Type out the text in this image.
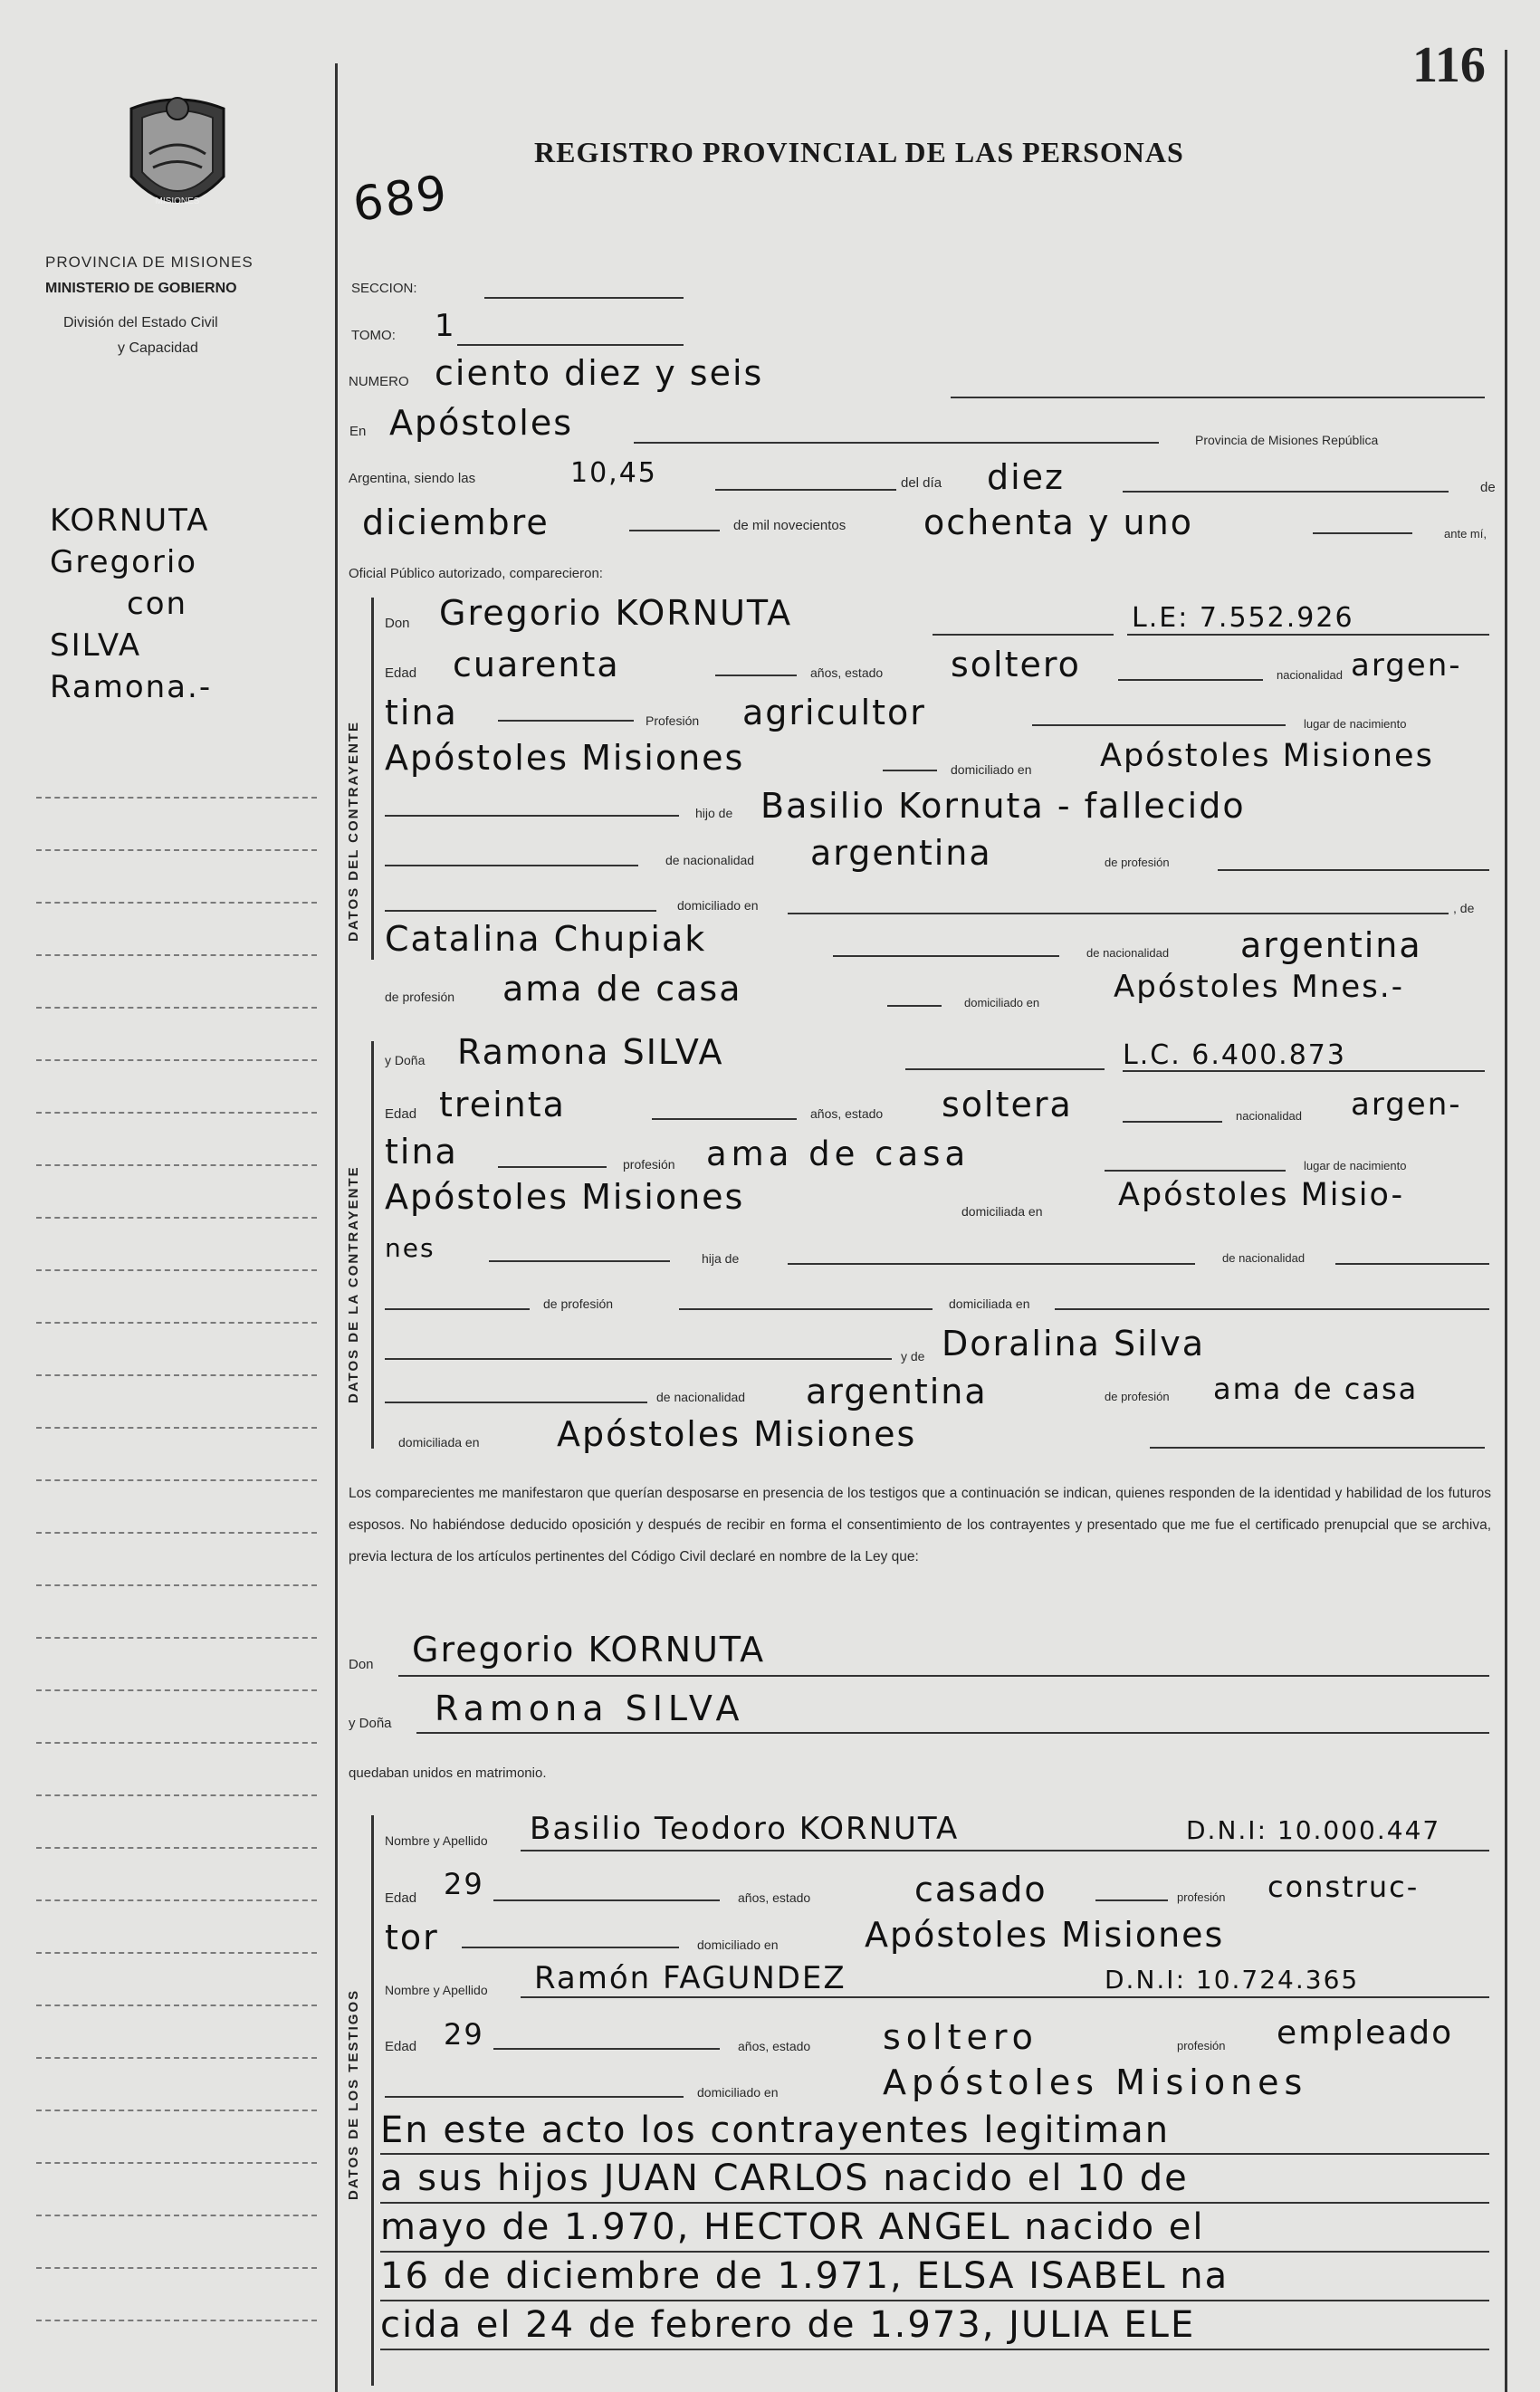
116
MISIONES
PROVINCIA DE MISIONES
MINISTERIO DE GOBIERNO
División del Estado Civil
y Capacidad
REGISTRO PROVINCIAL DE LAS PERSONAS
689
KORNUTA
Gregorio
con
SILVA
Ramona.-
SECCION:
TOMO: 1
NUMERO ciento diez y seis
En Apóstoles	Provincia de Misiones República
Argentina, siendo las	10,45	del día diez	de
diciembre	de mil novecientos ochenta y uno	ante mí,
Oficial Público autorizado, comparecieron:
DATOS DEL CONTRAYENTE
Don Gregorio KORNUTA	L.E: 7.552.926
Edad cuarenta	años, estado soltero	nacionalidad argen-
tina	Profesión agricultor	lugar de nacimiento
Apóstoles Misiones	domiciliado en Apóstoles Misiones
hijo de Basilio Kornuta - fallecido
de nacionalidad argentina	de profesión
domiciliado en	, de
Catalina Chupiak	de nacionalidad argentina
de profesión ama de casa	domiciliado en Apóstoles Mnes.-
DATOS DE LA CONTRAYENTE
y Doña Ramona SILVA	L.C. 6.400.873
Edad treinta	años, estado soltera	nacionalidad argen-
tina	profesión ama de casa	lugar de nacimiento
Apóstoles Misiones	domiciliada en Apóstoles Misio-
nes	hija de	de nacionalidad
de profesión	domiciliada en
y de Doralina Silva
de nacionalidad argentina	de profesión ama de casa
domiciliada en Apóstoles Misiones
Los comparecientes me manifestaron que querían desposarse en presencia de los testigos que a continuación se indican, quienes responden de la identidad y habilidad de los futuros esposos. No habiéndose deducido oposición y después de recibir en forma el consentimiento de los contrayentes y presentado que me fue el certificado prenupcial que se archiva, previa lectura de los artículos pertinentes del Código Civil declaré en nombre de la Ley que:
Don Gregorio KORNUTA
y Doña Ramona SILVA
quedaban unidos en matrimonio.
DATOS DE LOS TESTIGOS
Nombre y Apellido Basilio Teodoro KORNUTA	D.N.I: 10.000.447
Edad 29	años, estado	casado	profesión construc-
tor	domiciliado en	Apóstoles Misiones
Nombre y Apellido Ramón FAGUNDEZ	D.N.I: 10.724.365
Edad 29	años, estado soltero	profesión empleado
domiciliado en	Apóstoles Misiones
En este acto los contrayentes legitiman
a sus hijos JUAN CARLOS nacido el 10 de
mayo de 1.970, HECTOR ANGEL nacido el
16 de diciembre de 1.971, ELSA ISABEL na
cida el 24 de febrero de 1.973, JULIA ELE
